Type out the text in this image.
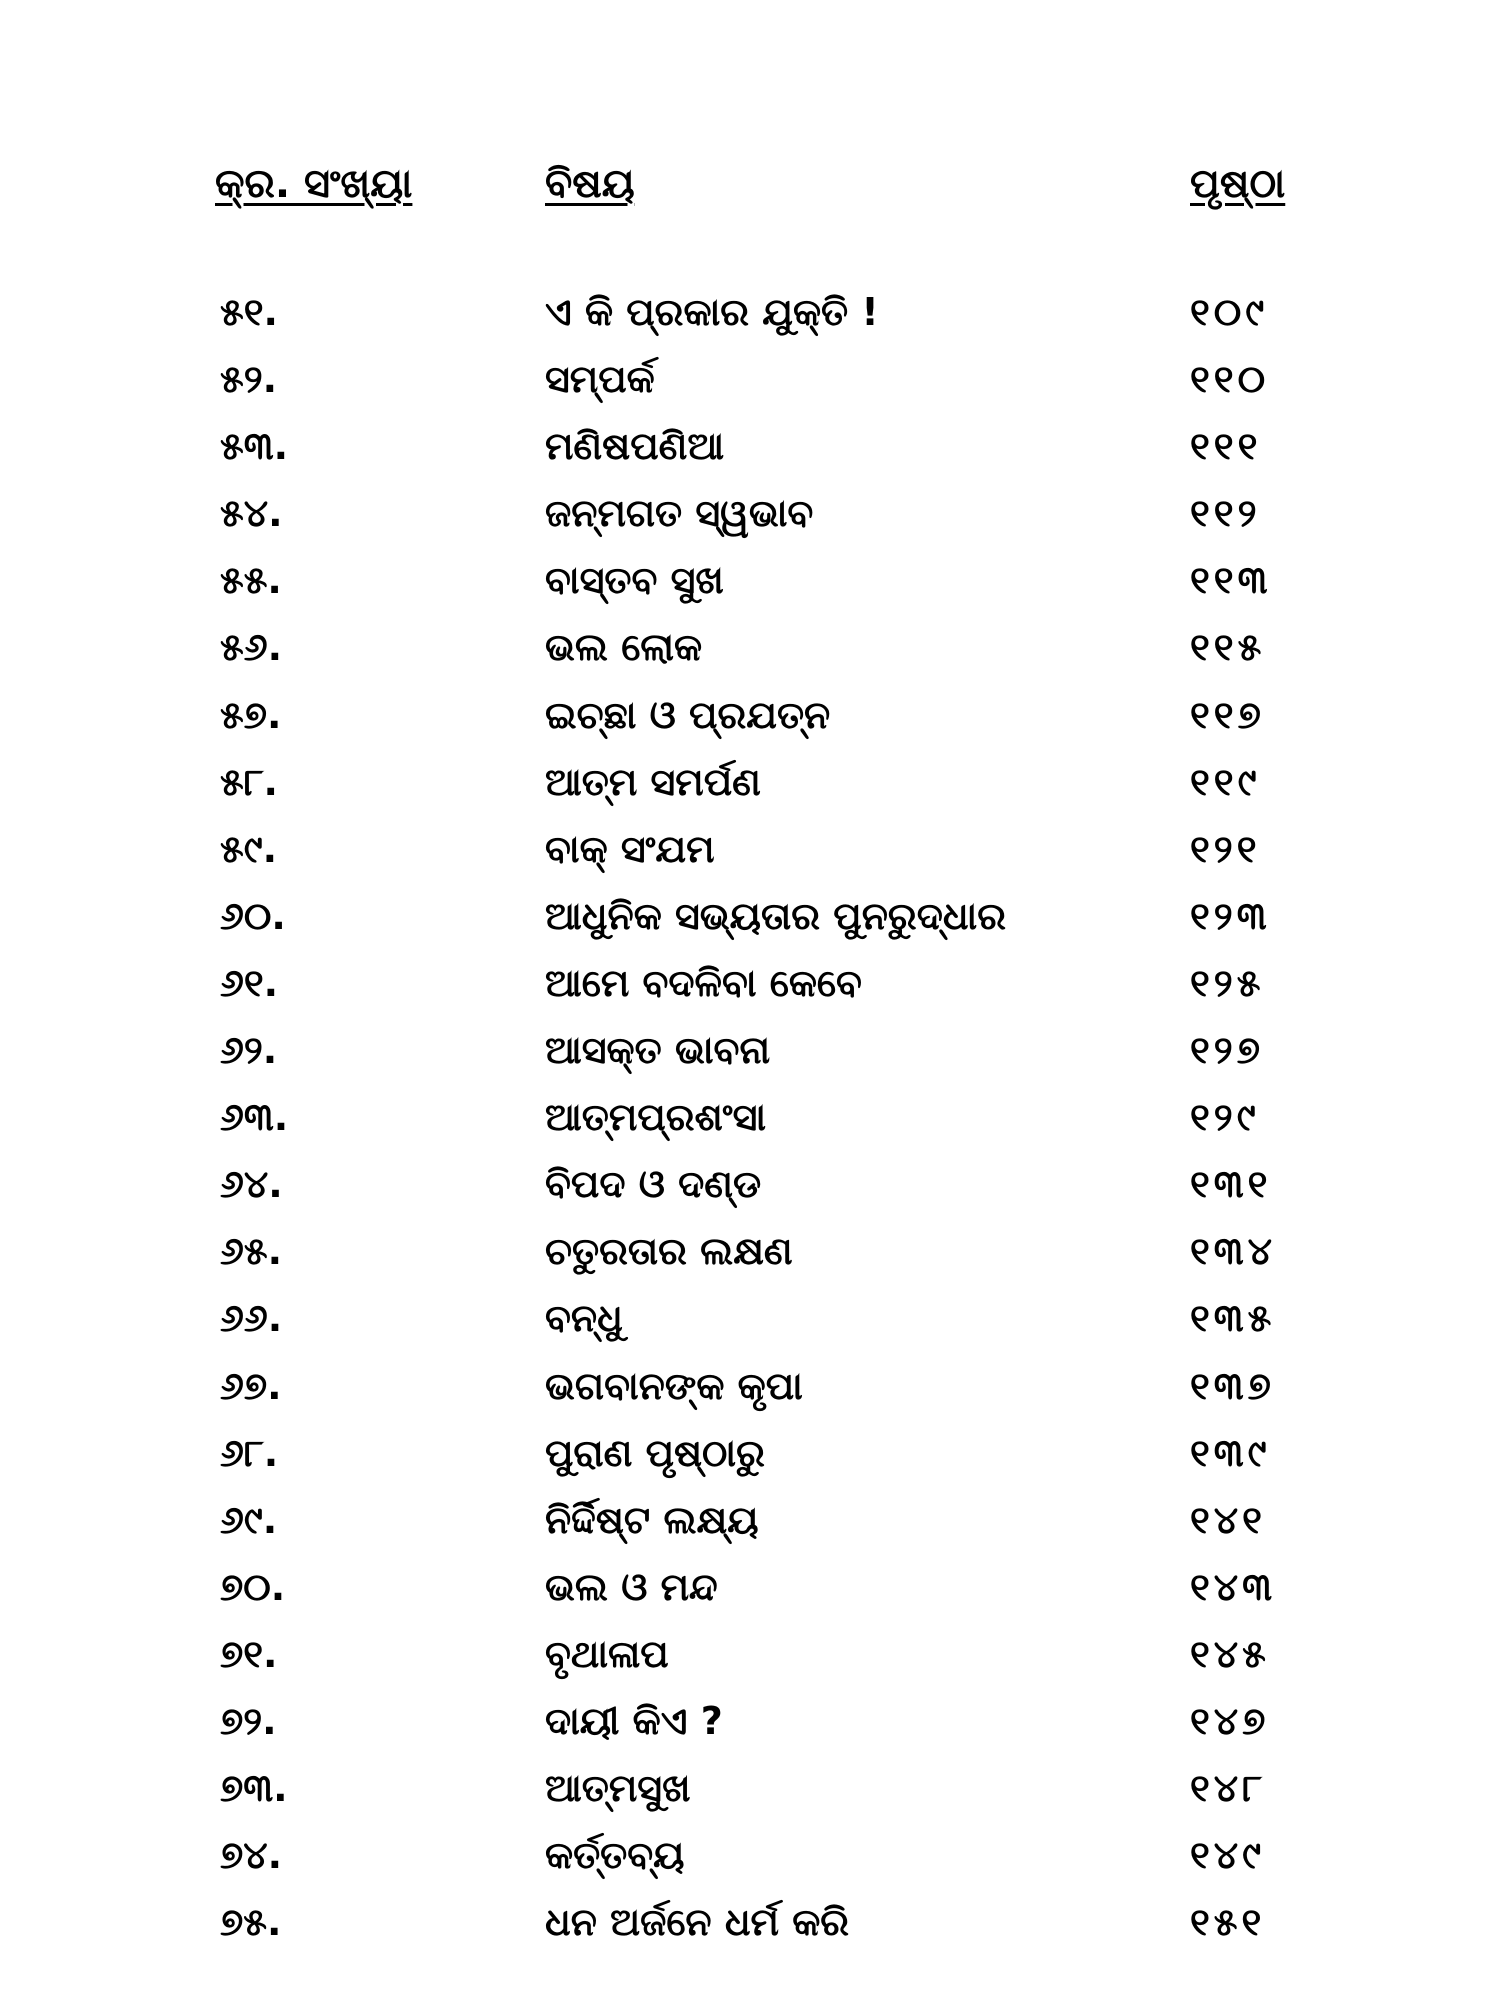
କ୍ର. ସଂଖ୍ୟା	ବିଷୟ	ପୃଷ୍ଠା
୫୧.	ଏ କି ପ୍ରକାର ଯୁକ୍ତି !	୧୦୯
୫୨.	ସମ୍ପର୍କ	୧୧୦
୫୩.	ମଣିଷପଣିଆ	୧୧୧
୫୪.	ଜନ୍ମଗତ ସ୍ୱଭାବ	୧୧୨
୫୫.	ବାସ୍ତବ ସୁଖ	୧୧୩
୫୬.	ଭଲ ଲୋକ	୧୧୫
୫୭.	ଇଚ୍ଛା ଓ ପ୍ରଯତ୍ନ	୧୧୭
୫୮.	ଆତ୍ମ ସମର୍ପଣ	୧୧୯
୫୯.	ବାକ୍ ସଂଯମ	୧୨୧
୬୦.	ଆଧୁନିକ ସଭ୍ୟତାର ପୁନରୁଦ୍ଧାର	୧୨୩
୬୧.	ଆମେ ବଦଳିବା କେବେ	୧୨୫
୬୨.	ଆସକ୍ତ ଭାବନା	୧୨୭
୬୩.	ଆତ୍ମପ୍ରଶଂସା	୧୨୯
୬୪.	ବିପଦ ଓ ଦଣ୍ଡ	୧୩୧
୬୫.	ଚତୁରତାର ଲକ୍ଷଣ	୧୩୪
୬୬.	ବନ୍ଧୁ	୧୩୫
୬୭.	ଭଗବାନଙ୍କ କୃପା	୧୩୭
୬୮.	ପୁରାଣ ପୃଷ୍ଠାରୁ	୧୩୯
୬୯.	ନିର୍ଦ୍ଦିଷ୍ଟ ଲକ୍ଷ୍ୟ	୧୪୧
୭୦.	ଭଲ ଓ ମନ୍ଦ	୧୪୩
୭୧.	ବୃଥାଳାପ	୧୪୫
୭୨.	ଦାୟୀ କିଏ ?	୧୪୭
୭୩.	ଆତ୍ମସୁଖ	୧୪୮
୭୪.	କର୍ତ୍ତବ୍ୟ	୧୪୯
୭୫.	ଧନ ଅର୍ଜନେ ଧର୍ମ କରି	୧୫୧
